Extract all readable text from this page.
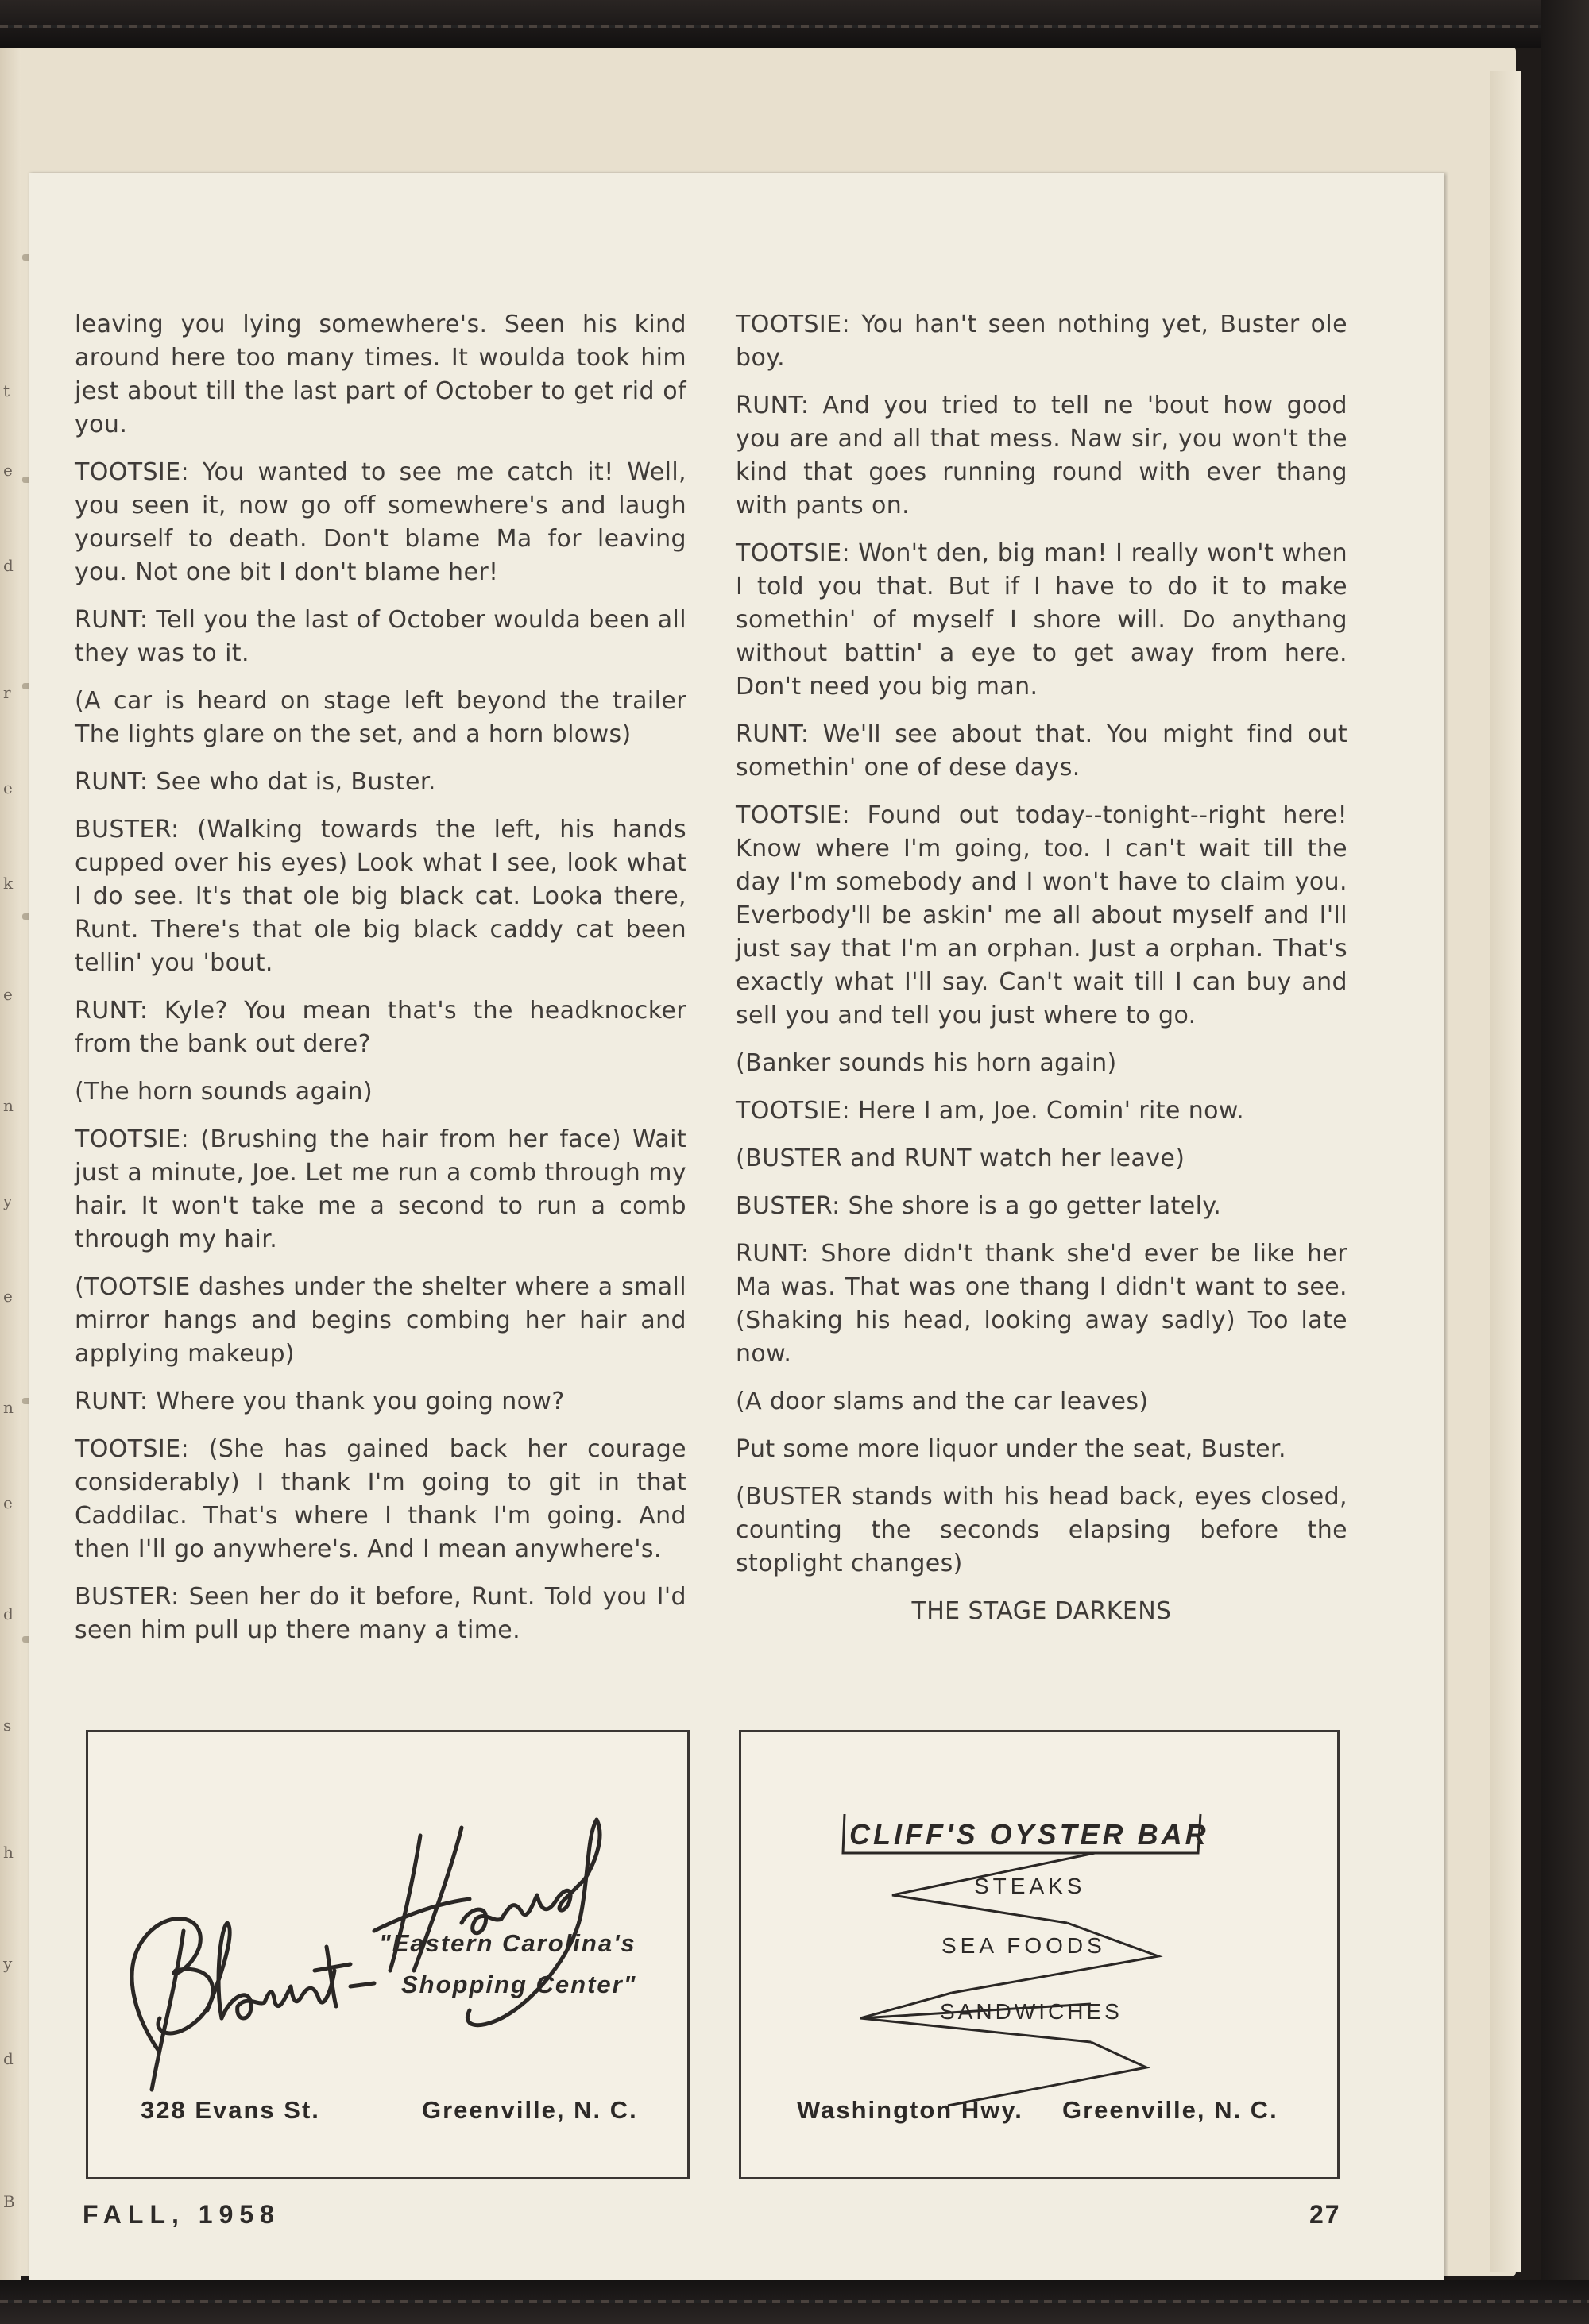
t
e
d
r
e
k
e
n
y
e
n
e
d
s
h
y
d
B

leaving you lying somewhere's. Seen his kind around here too many times. It woulda took him jest about till the last part of October to get rid of you.

TOOTSIE: You wanted to see me catch it! Well, you seen it, now go off somewhere's and laugh yourself to death. Don't blame Ma for leaving you. Not one bit I don't blame her!

RUNT: Tell you the last of October woulda been all they was to it.

(A car is heard on stage left beyond the trailer The lights glare on the set, and a horn blows)

RUNT: See who dat is, Buster.

BUSTER: (Walking towards the left, his hands cupped over his eyes) Look what I see, look what I do see. It's that ole big black cat. Looka there, Runt. There's that ole big black caddy cat been tellin' you 'bout.

RUNT: Kyle? You mean that's the headknocker from the bank out dere?

(The horn sounds again)

TOOTSIE: (Brushing the hair from her face) Wait just a minute, Joe. Let me run a comb through my hair. It won't take me a second to run a comb through my hair.

(TOOTSIE dashes under the shelter where a small mirror hangs and begins combing her hair and applying makeup)

RUNT: Where you thank you going now?

TOOTSIE: (She has gained back her courage considerably) I thank I'm going to git in that Caddilac. That's where I thank I'm going. And then I'll go anywhere's. And I mean anywhere's.

BUSTER: Seen her do it before, Runt. Told you I'd seen him pull up there many a time.

TOOTSIE: You han't seen nothing yet, Buster ole boy.

RUNT: And you tried to tell ne 'bout how good you are and all that mess. Naw sir, you won't the kind that goes running round with ever thang with pants on.

TOOTSIE: Won't den, big man! I really won't when I told you that. But if I have to do it to make somethin' of myself I shore will. Do anythang without battin' a eye to get away from here. Don't need you big man.

RUNT: We'll see about that. You might find out somethin' one of dese days.

TOOTSIE: Found out today--tonight--right here! Know where I'm going, too. I can't wait till the day I'm somebody and I won't have to claim you. Everbody'll be askin' me all about myself and I'll just say that I'm an orphan. Just a orphan. That's exactly what I'll say. Can't wait till I can buy and sell you and tell you just where to go.

(Banker sounds his horn again)

TOOTSIE: Here I am, Joe. Comin' rite now.

(BUSTER and RUNT watch her leave)

BUSTER: She shore is a go getter lately.

RUNT: Shore didn't thank she'd ever be like her Ma was. That was one thang I didn't want to see. (Shaking his head, looking away sadly) Too late now.

(A door slams and the car leaves)

Put some more liquor under the seat, Buster.

(BUSTER stands with his head back, eyes closed, counting the seconds elapsing before the stoplight changes)

THE STAGE DARKENS

"Eastern Carolina's
Shopping Center"
328 Evans St.	Greenville, N. C.
CLIFF'S OYSTER BAR
STEAKS
SEA FOODS
SANDWICHES
Washington Hwy. Greenville, N. C.
FALL, 1958	27
